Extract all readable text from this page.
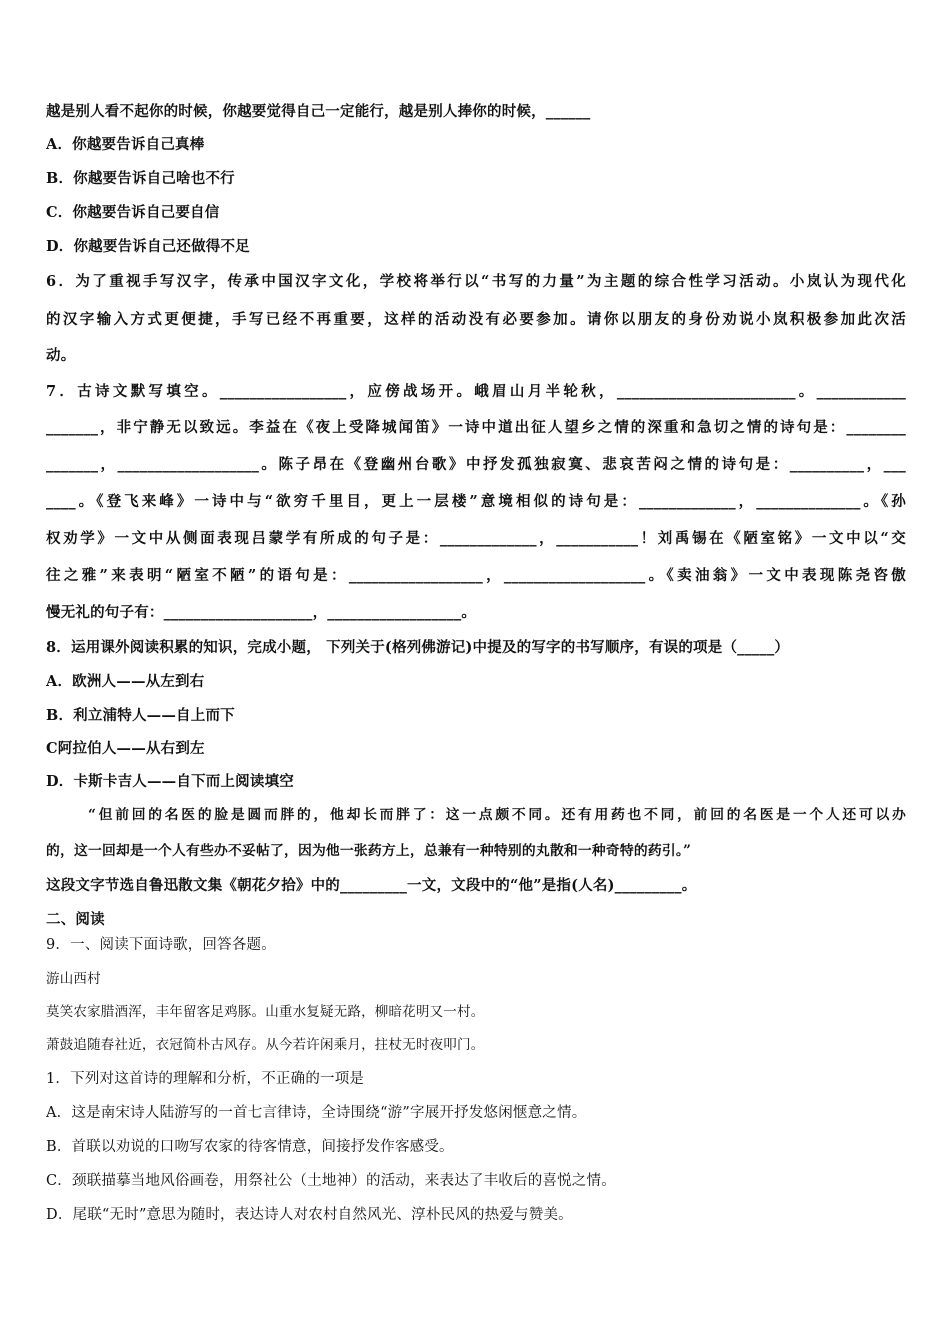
越是别人看不起你的时候，你越要觉得自己一定能行，越是别人捧你的时候，______

A．你越要告诉自己真棒

B．你越要告诉自己啥也不行

C．你越要告诉自己要自信

D．你越要告诉自己还做得不足

6．为了重视手写汉字，传承中国汉字文化，学校将举行以“书写的力量”为主题的综合性学习活动。小岚认为现代化

的汉字输入方式更便捷，手写已经不再重要，这样的活动没有必要参加。请你以朋友的身份劝说小岚积极参加此次活

动。

7．古诗文默写填空。_________________，应傍战场开。峨眉山月半轮秋，________________________。____________

_______，非宁静无以致远。李益在《夜上受降城闻笛》一诗中道出征人望乡之情的深重和急切之情的诗句是：________

_______，___________________。陈子昂在《登幽州台歌》中抒发孤独寂寞、悲哀苦闷之情的诗句是：__________，___

____。《登飞来峰》一诗中与“欲穷千里目，更上一层楼”意境相似的诗句是：_____________，______________。《孙

权劝学》一文中从侧面表现吕蒙学有所成的句子是：_____________，___________！刘禹锡在《陋室铭》一文中以“交

往之雅”来表明“陋室不陋”的语句是：__________________，___________________。《卖油翁》一文中表现陈尧咨傲

慢无礼的句子有：____________________，__________________。

8．运用课外阅读积累的知识，完成小题， 下列关于(格列佛游记)中提及的写字的书写顺序，有误的项是（_____）

A．欧洲人——从左到右

B．利立浦特人——自上而下

C阿拉伯人——从右到左

D．卡斯卡吉人——自下而上阅读填空

“但前回的名医的脸是圆而胖的，他却长而胖了：这一点颇不同。还有用药也不同，前回的名医是一个人还可以办

的，这一回却是一个人有些办不妥帖了，因为他一张药方上，总兼有一种特别的丸散和一种奇特的药引。”

这段文字节选自鲁迅散文集《朝花夕拾》中的_________一文，文段中的“他”是指(人名)_________。

二、阅读

9．一、阅读下面诗歌，回答各题。

游山西村

莫笑农家腊酒浑，丰年留客足鸡豚。山重水复疑无路，柳暗花明又一村。

萧鼓追随春社近，衣冠简朴古风存。从今若许闲乘月，拄杖无时夜叩门。

1．下列对这首诗的理解和分析，不正确的一项是

A．这是南宋诗人陆游写的一首七言律诗，全诗围绕“游”字展开抒发悠闲惬意之情。

B．首联以劝说的口吻写农家的待客情意，间接抒发作客感受。

C．颈联描摹当地风俗画卷，用祭社公（土地神）的活动，来表达了丰收后的喜悦之情。

D．尾联“无时”意思为随时，表达诗人对农村自然风光、淳朴民风的热爱与赞美。
